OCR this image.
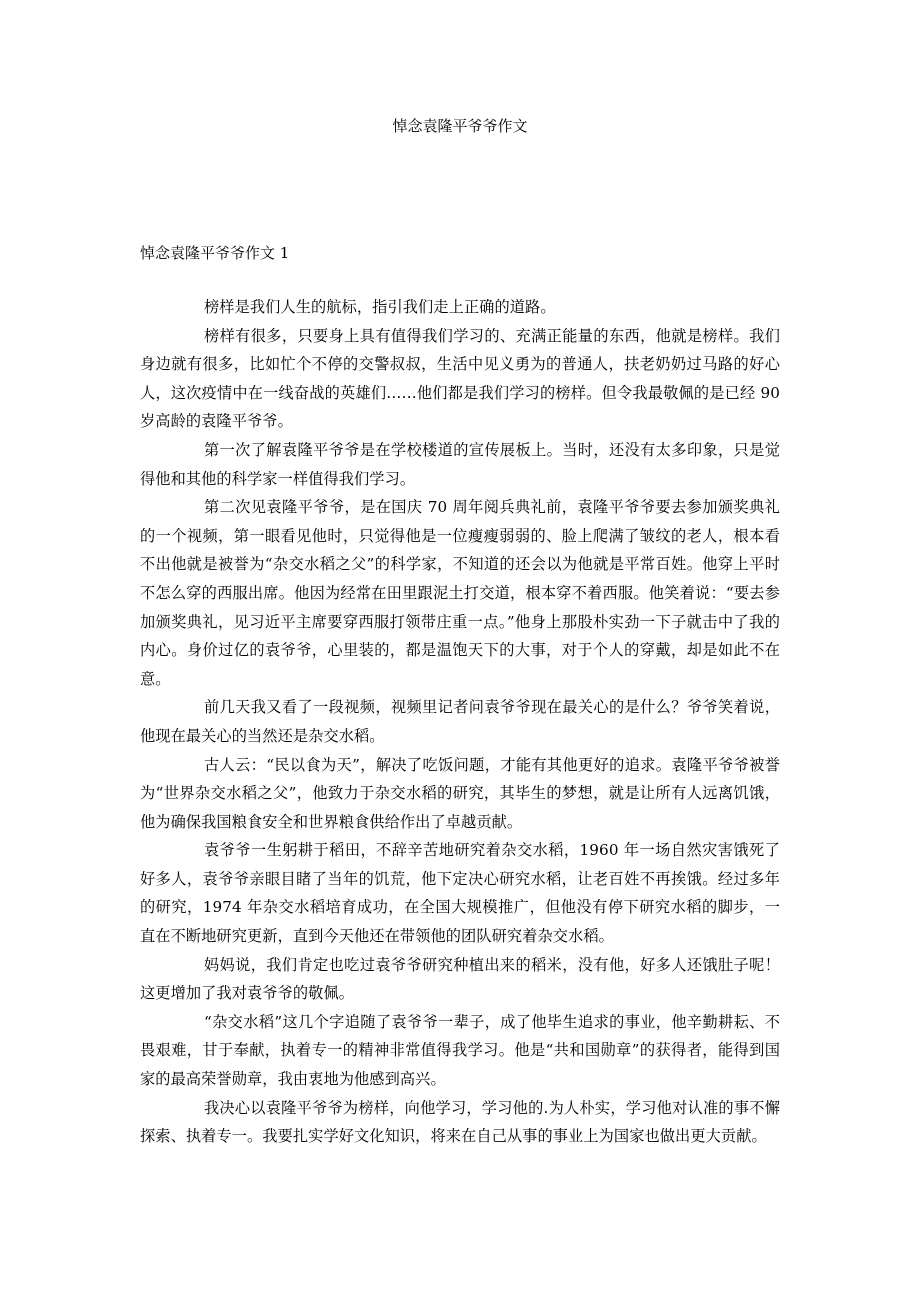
悼念袁隆平爷爷作文
悼念袁隆平爷爷作文 1

榜样是我们人生的航标，指引我们走上正确的道路。

榜样有很多，只要身上具有值得我们学习的、充满正能量的东西，他就是榜样。我们身边就有很多，比如忙个不停的交警叔叔，生活中见义勇为的普通人，扶老奶奶过马路的好心人，这次疫情中在一线奋战的英雄们……他们都是我们学习的榜样。但令我最敬佩的是已经 90 岁高龄的袁隆平爷爷。

第一次了解袁隆平爷爷是在学校楼道的宣传展板上。当时，还没有太多印象，只是觉得他和其他的科学家一样值得我们学习。

第二次见袁隆平爷爷，是在国庆 70 周年阅兵典礼前，袁隆平爷爷要去参加颁奖典礼的一个视频，第一眼看见他时，只觉得他是一位瘦瘦弱弱的、脸上爬满了皱纹的老人，根本看不出他就是被誉为“杂交水稻之父”的科学家，不知道的还会以为他就是平常百姓。他穿上平时不怎么穿的西服出席。他因为经常在田里跟泥土打交道，根本穿不着西服。他笑着说：“要去参加颁奖典礼，见习近平主席要穿西服打领带庄重一点。”他身上那股朴实劲一下子就击中了我的内心。身价过亿的袁爷爷，心里装的，都是温饱天下的大事，对于个人的穿戴，却是如此不在意。

前几天我又看了一段视频，视频里记者问袁爷爷现在最关心的是什么？爷爷笑着说，他现在最关心的当然还是杂交水稻。

古人云：“民以食为天”，解决了吃饭问题，才能有其他更好的追求。袁隆平爷爷被誉为“世界杂交水稻之父”，他致力于杂交水稻的研究，其毕生的梦想，就是让所有人远离饥饿，他为确保我国粮食安全和世界粮食供给作出了卓越贡献。

袁爷爷一生躬耕于稻田，不辞辛苦地研究着杂交水稻，1960 年一场自然灾害饿死了好多人，袁爷爷亲眼目睹了当年的饥荒，他下定决心研究水稻，让老百姓不再挨饿。经过多年的研究，1974 年杂交水稻培育成功，在全国大规模推广，但他没有停下研究水稻的脚步，一直在不断地研究更新，直到今天他还在带领他的团队研究着杂交水稻。

妈妈说，我们肯定也吃过袁爷爷研究种植出来的稻米，没有他，好多人还饿肚子呢！这更增加了我对袁爷爷的敬佩。

“杂交水稻”这几个字追随了袁爷爷一辈子，成了他毕生追求的事业，他辛勤耕耘、不畏艰难，甘于奉献，执着专一的精神非常值得我学习。他是“共和国勋章”的获得者，能得到国家的最高荣誉勋章，我由衷地为他感到高兴。

我决心以袁隆平爷爷为榜样，向他学习，学习他的.为人朴实，学习他对认准的事不懈探索、执着专一。我要扎实学好文化知识，将来在自己从事的事业上为国家也做出更大贡献。
